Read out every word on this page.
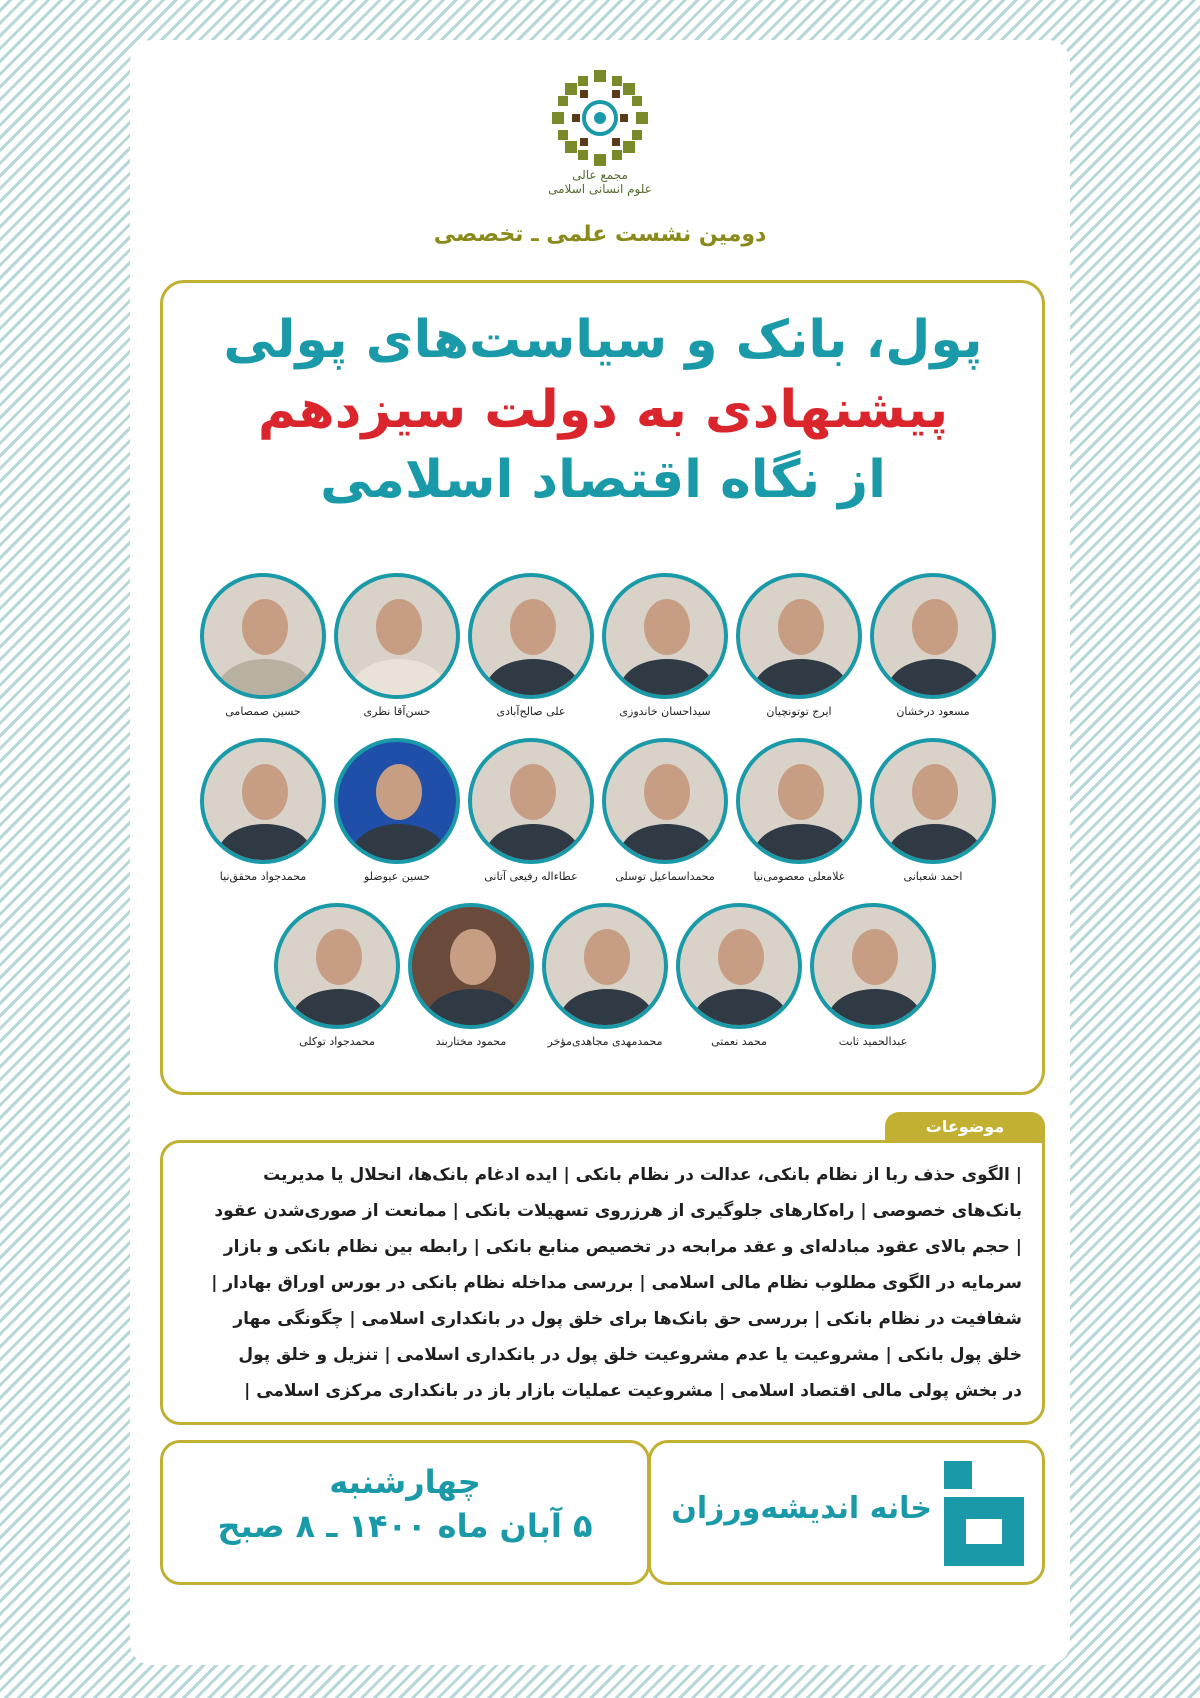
مجمع عالی
علوم انسانی اسلامی
دومین نشست علمی ـ تخصصی
پول، بانک و سیاست‌های پولی
پیشنهادی به دولت سیزدهم
از نگاه اقتصاد اسلامی
مسعود درخشان
ایرج توتونچیان
سیداحسان خاندوزی
علی صالح‌آبادی
حسن‌آقا نظری
حسین صمصامی
احمد شعبانی
غلامعلی معصومی‌نیا
محمداسماعیل توسلی
عطاءاله رفیعی آتانی
حسین عیوضلو
محمدجواد محقق‌نیا
عبدالحمید ثابت
محمد نعمتی
محمدمهدی مجاهدی‌مؤخر
محمود مختاربند
محمدجواد توکلی
موضوعات
| الگوی حذف ربا از نظام بانکی، عدالت در نظام بانکی | ایده ادغام بانک‌ها، انحلال یا مدیریت
بانک‌های خصوصی | راه‌کارهای جلوگیری از هرزروی تسهیلات بانکی | ممانعت از صوری‌شدن عقود
| حجم بالای عقود مبادله‌ای و عقد مرابحه در تخصیص منابع بانکی | رابطه بین نظام بانکی و بازار
سرمایه در الگوی مطلوب نظام مالی اسلامی | بررسی مداخله نظام بانکی در بورس اوراق بهادار |
شفافیت در نظام بانکی | بررسی حق بانک‌ها برای خلق پول در بانکداری اسلامی | چگونگی مهار
خلق پول بانکی | مشروعیت یا عدم مشروعیت خلق پول در بانکداری اسلامی | تنزیل و خلق پول
در بخش پولی مالی اقتصاد اسلامی | مشروعیت عملیات بازار باز در بانکداری مرکزی اسلامی |
چهارشنبه
۵ آبان ماه ۱۴۰۰ ـ ۸ صبح	خانه اندیشه‌ورزان
